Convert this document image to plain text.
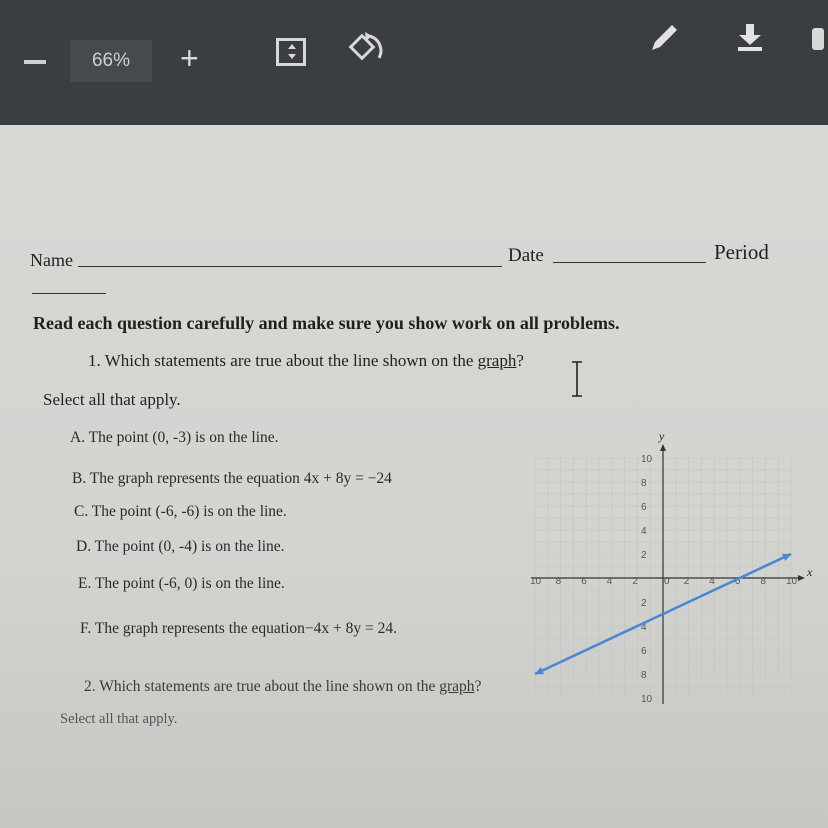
66%	+
Name	Date	Period
Read each question carefully and make sure you show work on all problems.
1. Which statements are true about the line shown on the graph?
Select all that apply.
A. The point (0, -3) is on the line.
B. The graph represents the equation 4x + 8y = −24
C. The point (-6, -6) is on the line.
D. The point (0, -4) is on the line.
E. The point (-6, 0) is on the line.
F. The graph represents the equation−4x + 8y = 24.
10 8 6 4 2	0 2 4 6 8 10
10
8
6
4
2
2
4
6
8
10
y
x
2. Which statements are true about the line shown on the graph?
Select all that apply.
